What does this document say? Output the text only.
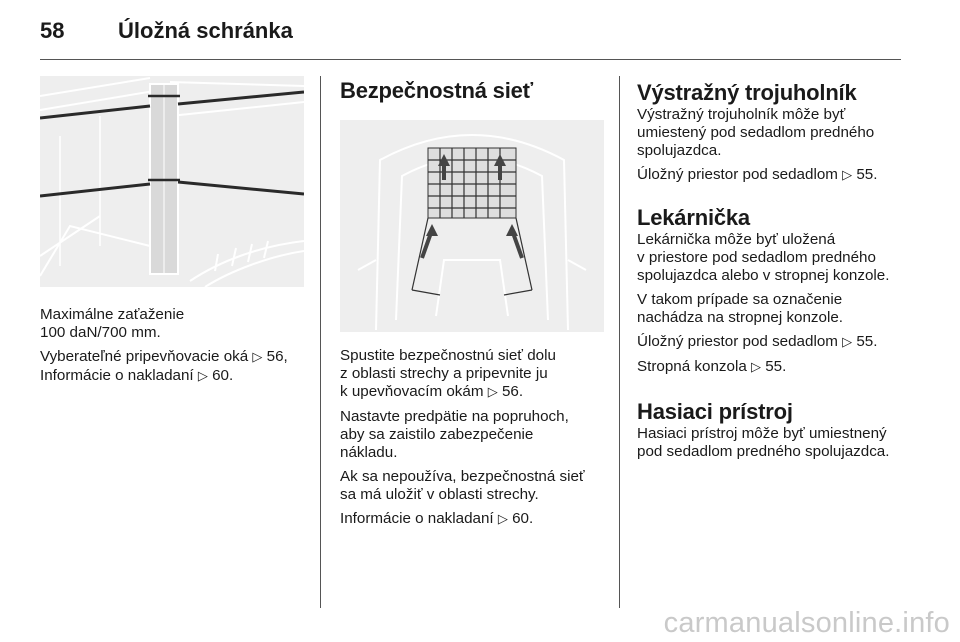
58	Úložná schránka

Maximálne zaťaženie
100 daN/700 mm.

Vyberateľné pripevňovacie oká ▷ 56,
Informácie o nakladaní ▷ 60.

Bezpečnostná sieť

Spustite bezpečnostnú sieť dolu
z oblasti strechy a pripevnite ju
k upevňovacím okám ▷ 56.

Nastavte predpätie na popruhoch,
aby sa zaistilo zabezpečenie
nákladu.

Ak sa nepoužíva, bezpečnostná sieť
sa má uložiť v oblasti strechy.

Informácie o nakladaní ▷ 60.

Výstražný trojuholník

Výstražný trojuholník môže byť
umiestený pod sedadlom predného
spolujazdca.

Úložný priestor pod sedadlom ▷ 55.

Lekárnička

Lekárnička môže byť uložená
v priestore pod sedadlom predného
spolujazdca alebo v stropnej konzole.

V takom prípade sa označenie
nachádza na stropnej konzole.

Úložný priestor pod sedadlom ▷ 55.

Stropná konzola ▷ 55.

Hasiaci prístroj

Hasiaci prístroj môže byť umiestnený
pod sedadlom predného spolujazdca.

carmanualsonline.info
